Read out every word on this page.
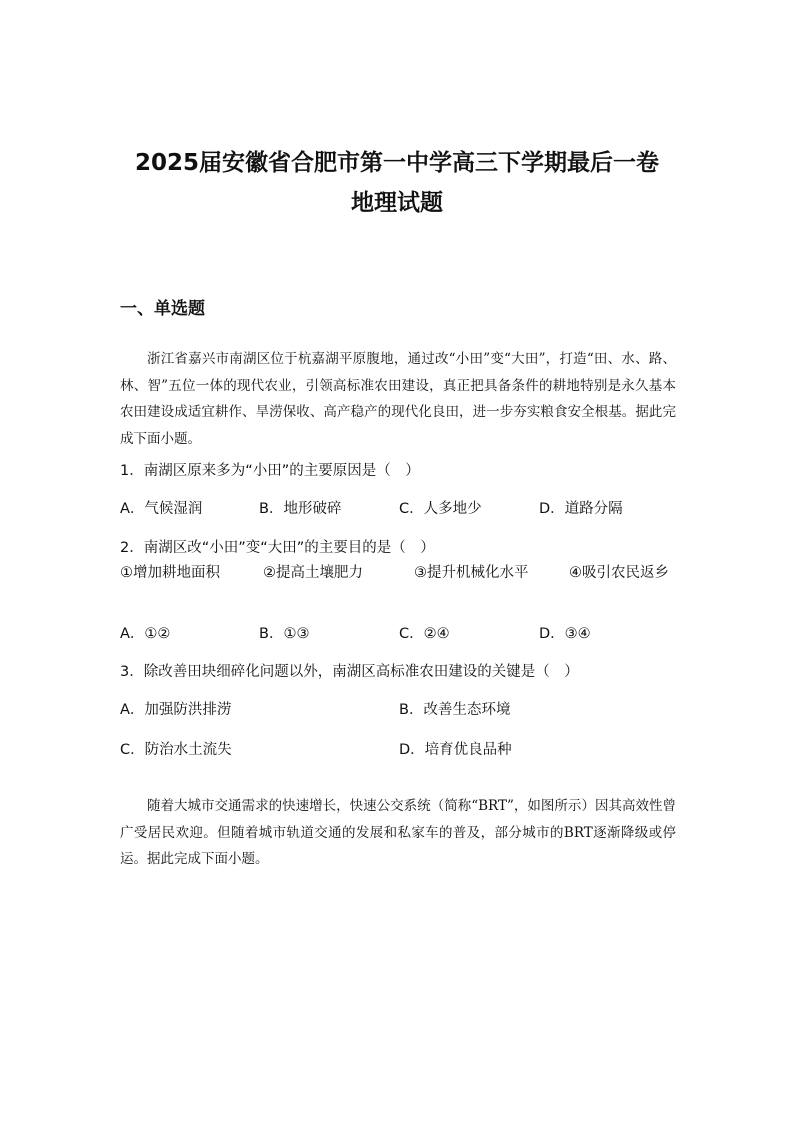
2025届安徽省合肥市第一中学高三下学期最后一卷
地理试题
一、单选题

浙江省嘉兴市南湖区位于杭嘉湖平原腹地，通过改“小田”变“大田”，打造“田、水、路、林、智”五位一体的现代农业，引领高标准农田建设，真正把具备条件的耕地特别是永久基本农田建设成适宜耕作、旱涝保收、高产稳产的现代化良田，进一步夯实粮食安全根基。据此完成下面小题。

1．南湖区原来多为“小田”的主要原因是（　）
A．气候湿润	B．地形破碎	C．人多地少	D．道路分隔
2．南湖区改“小田”变“大田”的主要目的是（　）
①增加耕地面积	②提高土壤肥力	③提升机械化水平	④吸引农民返乡
A．①②	B．①③	C．②④	D．③④
3．除改善田块细碎化问题以外，南湖区高标准农田建设的关键是（　）
A．加强防洪排涝	B．改善生态环境
C．防治水土流失	D．培育优良品种

随着大城市交通需求的快速增长，快速公交系统（简称“BRT”，如图所示）因其高效性曾广受居民欢迎。但随着城市轨道交通的发展和私家车的普及，部分城市的BRT逐渐降级或停运。据此完成下面小题。
